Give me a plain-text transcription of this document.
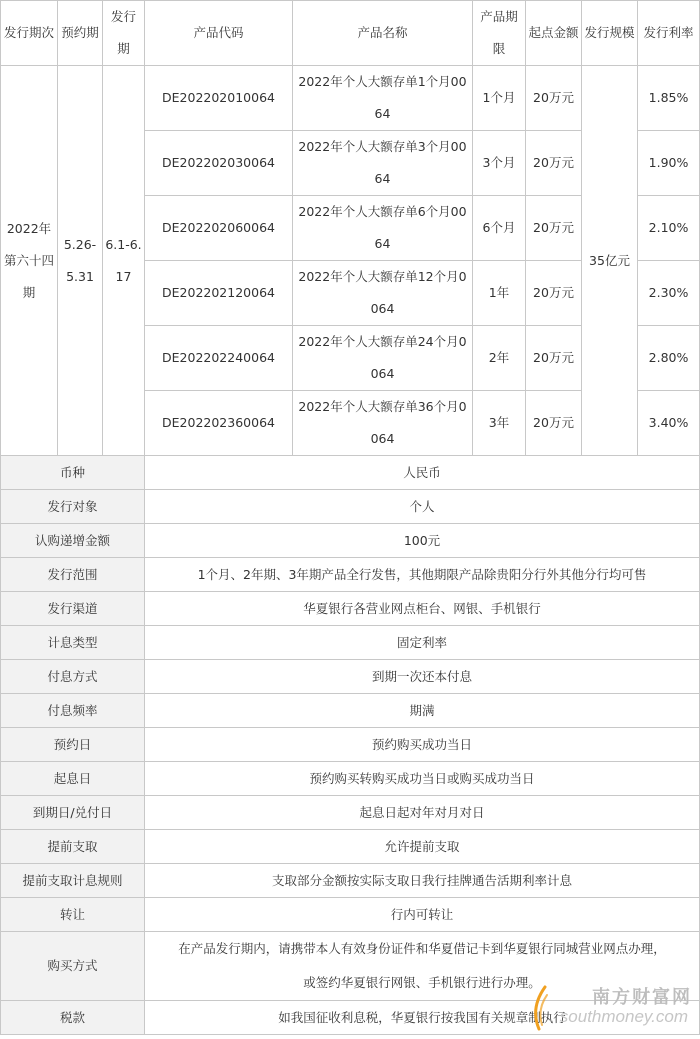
发行期次	预约期	发行期	产品代码	产品名称	产品期限	起点金额	发行规模	发行利率
2022年第六十四期	5.26-5.31	6.1-6.17	DE202202010064	2022年个人大额存单1个月0064	1个月	20万元	35亿元	1.85%
			DE202202030064	2022年个人大额存单3个月0064	3个月	20万元		1.90%
			DE202202060064	2022年个人大额存单6个月0064	6个月	20万元		2.10%
			DE202202120064	2022年个人大额存单12个月0064	1年	20万元		2.30%
			DE202202240064	2022年个人大额存单24个月0064	2年	20万元		2.80%
			DE202202360064	2022年个人大额存单36个月0064	3年	20万元		3.40%
币种			人民币					
发行对象			个人					
认购递增金额			100元					
发行范围			1个月、2年期、3年期产品全行发售，其他期限产品除贵阳分行外其他分行均可售					
发行渠道			华夏银行各营业网点柜台、网银、手机银行					
计息类型			固定利率					
付息方式			到期一次还本付息					
付息频率			期满					
预约日			预约购买成功当日					
起息日			预约购买转购买成功当日或购买成功当日					
到期日/兑付日			起息日起对年对月对日					
提前支取			允许提前支取					
提前支取计息规则			支取部分金额按实际支取日我行挂牌通告活期利率计息					
转让			行内可转让					
购买方式			在产品发行期内，请携带本人有效身份证件和华夏借记卡到华夏银行同城营业网点办理，
或签约华夏银行网银、手机银行进行办理。					

税款			如我国征收利息税，华夏银行按我国有关规章制执行					
南方财富网
southmoney.com
